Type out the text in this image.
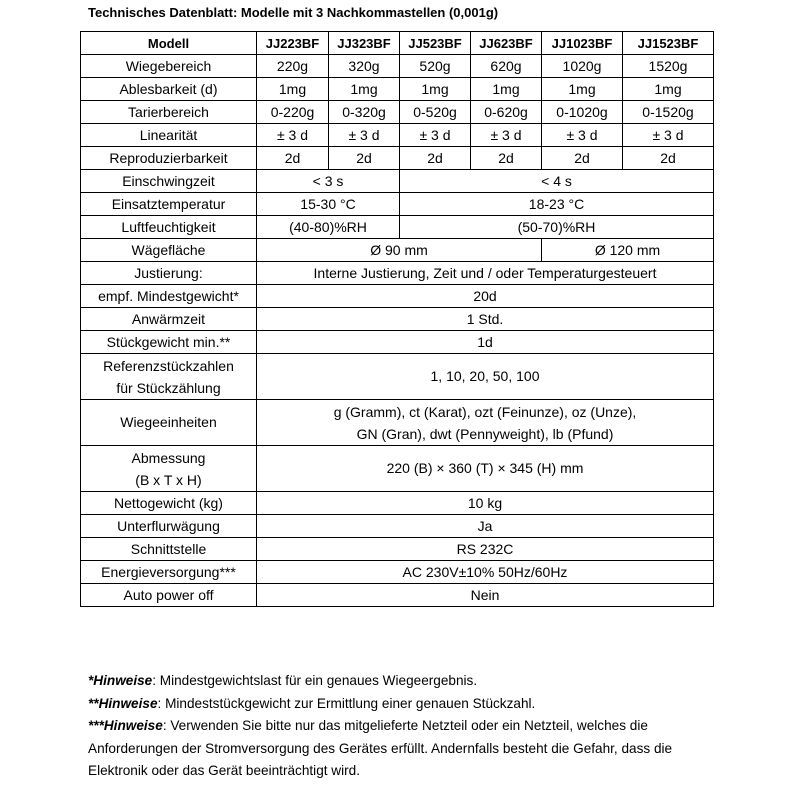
Technisches Datenblatt: Modelle mit 3 Nachkommastellen (0,001g)
Modell	JJ223BF	JJ323BF	JJ523BF	JJ623BF	JJ1023BF	JJ1523BF
Wiegebereich	220g	320g	520g	620g	1020g	1520g
Ablesbarkeit (d)	1mg	1mg	1mg	1mg	1mg	1mg
Tarierbereich	0-220g	0-320g	0-520g	0-620g	0-1020g	0-1520g
Linearität	± 3 d	± 3 d	± 3 d	± 3 d	± 3 d	± 3 d
Reproduzierbarkeit	2d	2d	2d	2d	2d	2d
Einschwingzeit	< 3 s		< 4 s			
Einsatztemperatur	15-30 °C		18-23 °C			
Luftfeuchtigkeit	(40-80)%RH		(50-70)%RH			
Wägefläche	Ø 90 mm				Ø 120 mm	
Justierung:	Interne Justierung, Zeit und / oder Temperaturgesteuert					
empf. Mindestgewicht*	20d					
Anwärmzeit	1 Std.					
Stückgewicht min.**	1d					
Referenzstückzahlen
für Stückzählung	1, 10, 20, 50, 100					
Wiegeeinheiten	g (Gramm), ct (Karat), ozt (Feinunze), oz (Unze),
GN (Gran), dwt (Pennyweight), lb (Pfund)					
Abmessung
(B x T x H)	220 (B) × 360 (T) × 345 (H) mm					
Nettogewicht (kg)	10 kg					
Unterflurwägung	Ja					
Schnittstelle	RS 232C					
Energieversorgung***	AC 230V±10% 50Hz/60Hz					
Auto power off	Nein					

*Hinweise: Mindestgewichtslast für ein genaues Wiegeergebnis.

**Hinweise: Mindeststückgewicht zur Ermittlung einer genauen Stückzahl.

***Hinweise: Verwenden Sie bitte nur das mitgelieferte Netzteil oder ein Netzteil, welches die Anforderungen der Stromversorgung des Gerätes erfüllt. Andernfalls besteht die Gefahr, dass die Elektronik oder das Gerät beeinträchtigt wird.
